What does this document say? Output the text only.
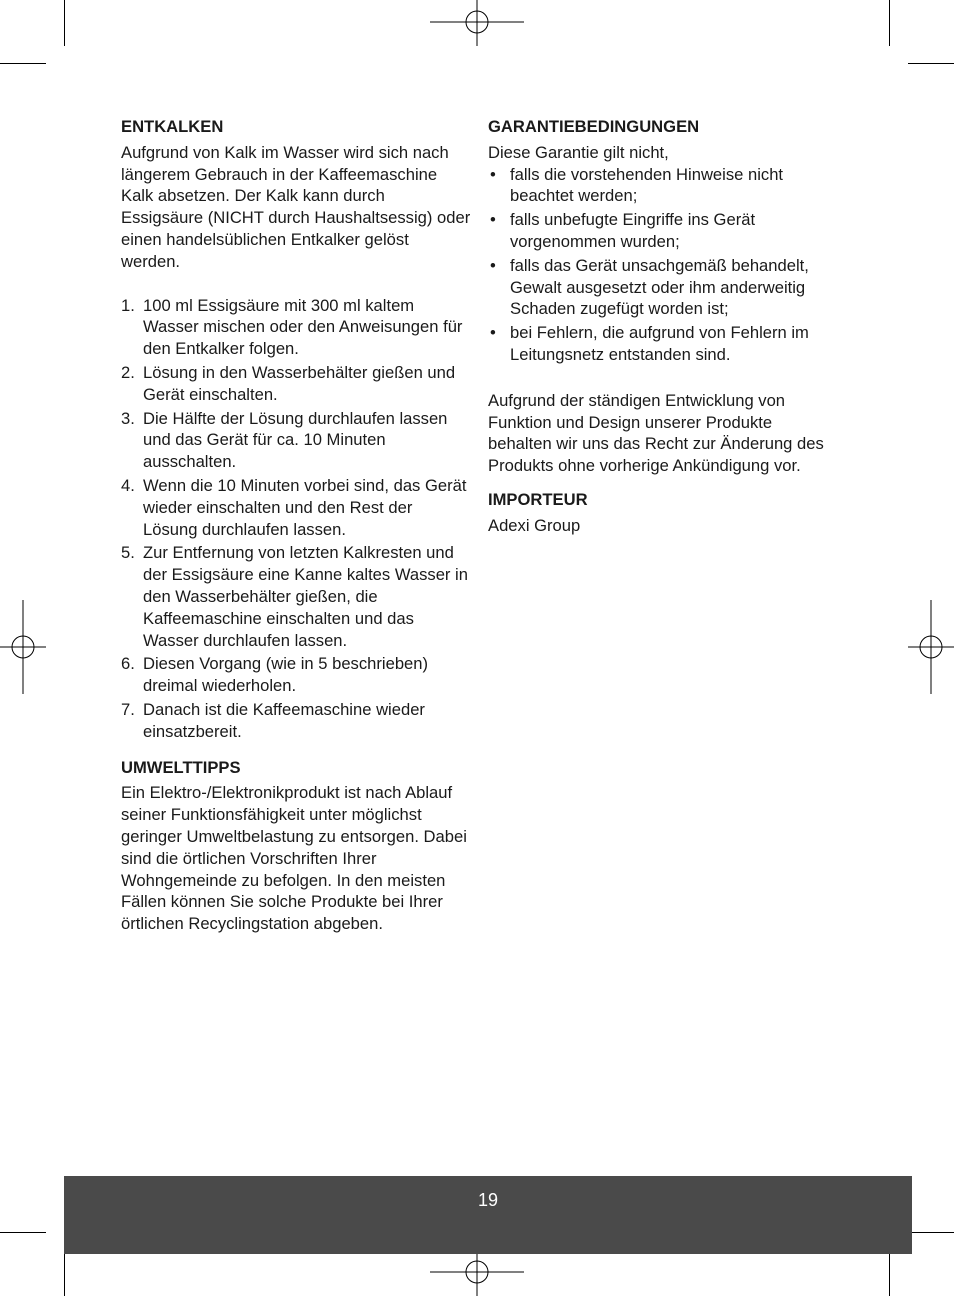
ENTKALKEN

Aufgrund von Kalk im Wasser wird sich nach längerem Gebrauch in der Kaffeemaschine Kalk absetzen. Der Kalk kann durch Essigsäure (NICHT durch Haushaltsessig) oder einen handelsüblichen Entkalker gelöst werden.

1. 100 ml Essigsäure mit 300 ml kaltem Wasser mischen oder den Anweisungen für den Entkalker folgen.
2. Lösung in den Wasserbehälter gießen und Gerät einschalten.
3. Die Hälfte der Lösung durchlaufen lassen und das Gerät für ca. 10 Minuten ausschalten.
4. Wenn die 10 Minuten vorbei sind, das Gerät wieder einschalten und den Rest der Lösung durchlaufen lassen.
5. Zur Entfernung von letzten Kalkresten und der Essigsäure eine Kanne kaltes Wasser in den Wasserbehälter gießen, die Kaffeemaschine einschalten und das Wasser durchlaufen lassen.
6. Diesen Vorgang (wie in 5 beschrieben) dreimal wiederholen.
7. Danach ist die Kaffeemaschine wieder einsatzbereit.
UMWELTTIPPS

Ein Elektro-/Elektronikprodukt ist nach Ablauf seiner Funktionsfähigkeit unter möglichst geringer Umweltbelastung zu entsorgen. Dabei sind die örtlichen Vorschriften Ihrer Wohngemeinde zu befolgen. In den meisten Fällen können Sie solche Produkte bei Ihrer örtlichen Recyclingstation abgeben.

GARANTIEBEDINGUNGEN

Diese Garantie gilt nicht,

• falls die vorstehenden Hinweise nicht beachtet werden;
• falls unbefugte Eingriffe ins Gerät vorgenommen wurden;
• falls das Gerät unsachgemäß behandelt, Gewalt ausgesetzt oder ihm anderweitig Schaden zugefügt worden ist;
• bei Fehlern, die aufgrund von Fehlern im Leitungsnetz entstanden sind.

Aufgrund der ständigen Entwicklung von Funktion und Design unserer Produkte behalten wir uns das Recht zur Änderung des Produkts ohne vorherige Ankündigung vor.

IMPORTEUR

Adexi Group

19
